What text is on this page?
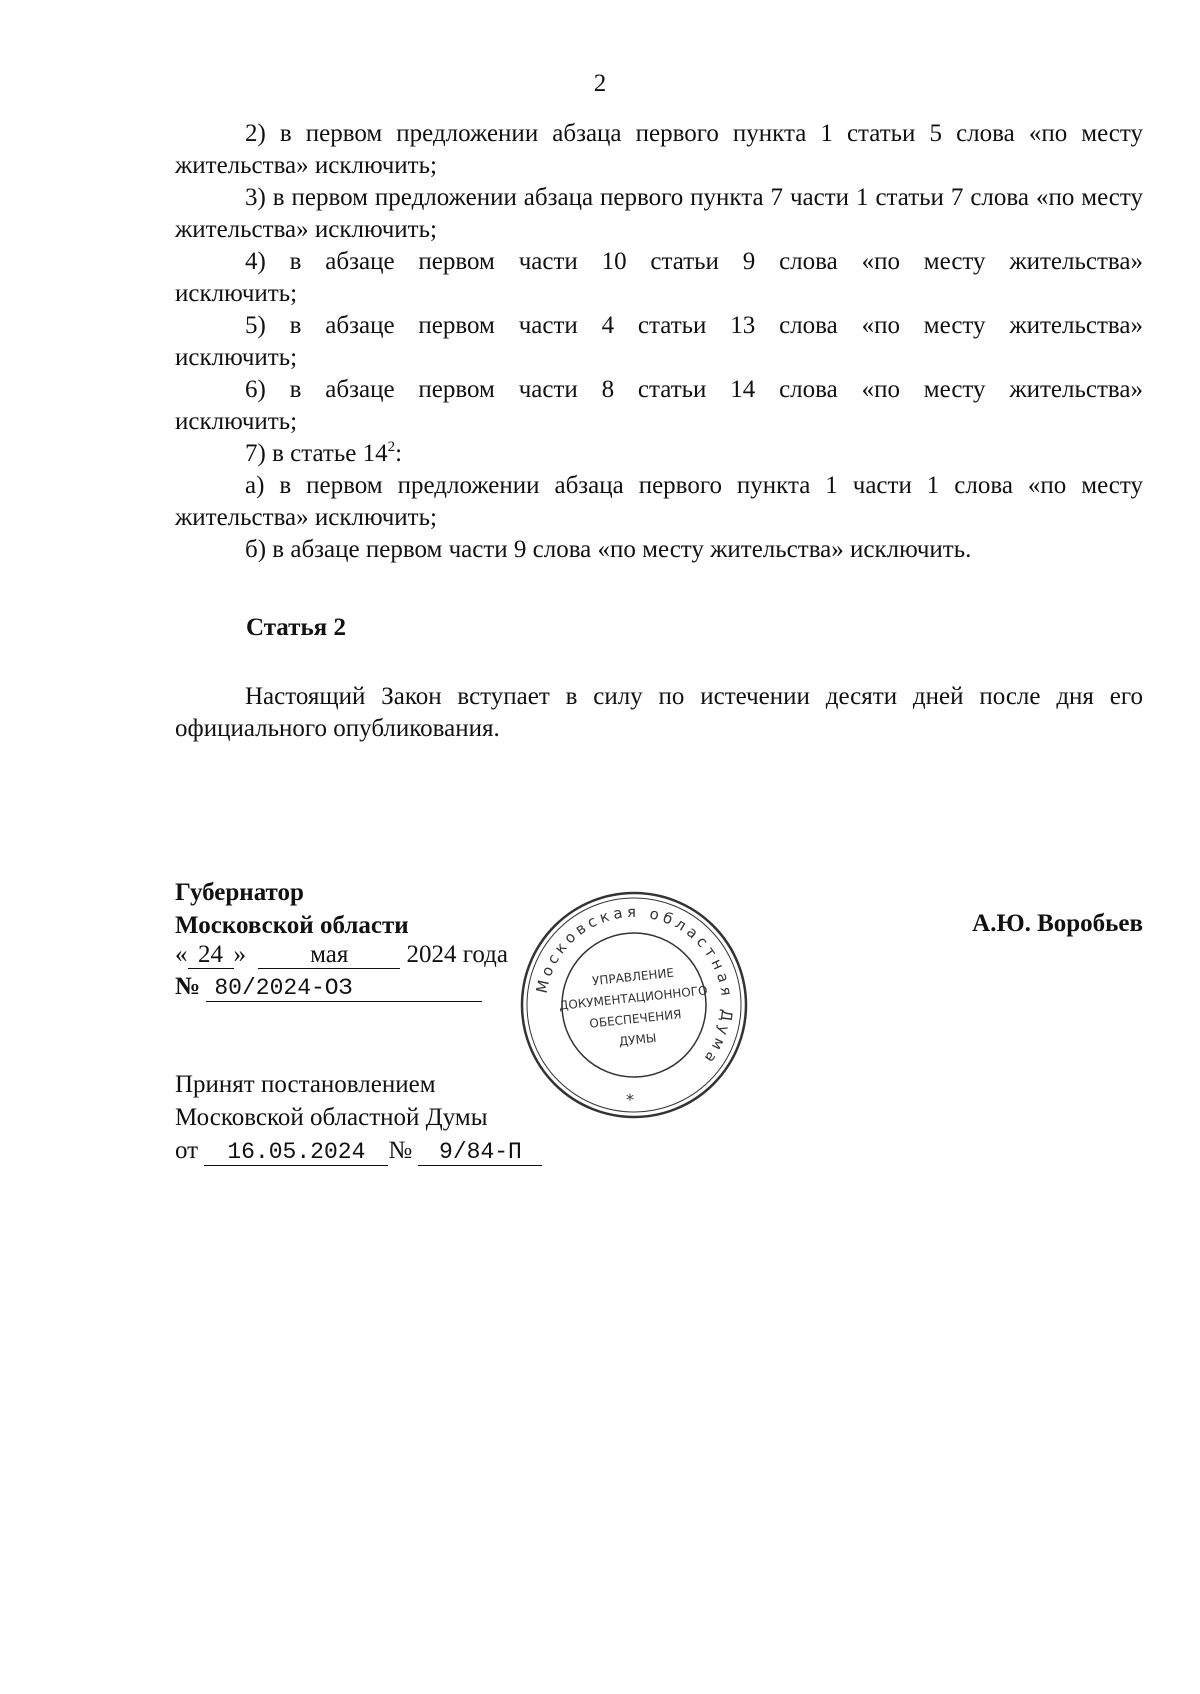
2

2) в первом предложении абзаца первого пункта 1 статьи 5 слова «по месту жительства» исключить;

3) в первом предложении абзаца первого пункта 7 части 1 статьи 7 слова «по месту жительства» исключить;

4) в абзаце первом части 10 статьи 9 слова «по месту жительства» исключить;

5) в абзаце первом части 4 статьи 13 слова «по месту жительства» исключить;

6) в абзаце первом части 8 статьи 14 слова «по месту жительства» исключить;

7) в статье $14^2$:

а) в первом предложении абзаца первого пункта 1 части 1 слова «по месту жительства» исключить;

б) в абзаце первом части 9 слова «по месту жительства» исключить.

Статья 2

Настоящий Закон вступает в силу по истечении десяти дней после дня его официального опубликования.

Губернатор
Московской области	А.Ю. Воробьев
« 24 »	мая 2024 года
№ 80/2024-ОЗ
Принят постановлением
Московской областной Думы
от 16.05.2024 № 9/84-П
Московская областная Дума
УПРАВЛЕНИЕ
ДОКУМЕНТАЦИОННОГО
ОБЕСПЕЧЕНИЯ
ДУМЫ
*
